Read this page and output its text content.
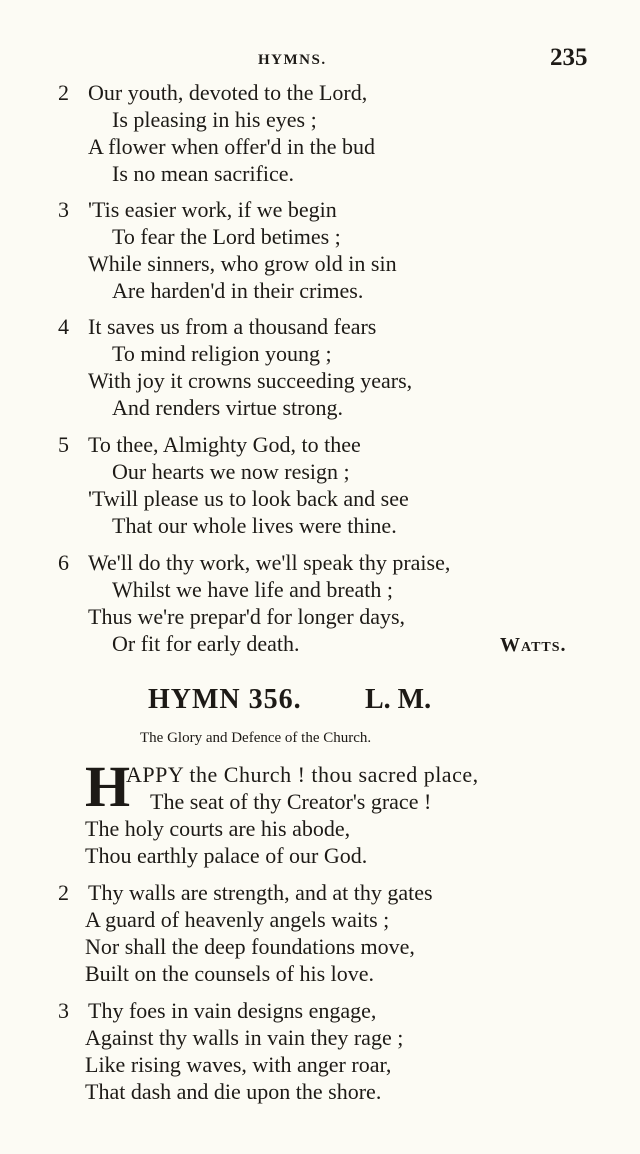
HYMNS.	235
2 Our youth, devoted to the Lord,
Is pleasing in his eyes ;
A flower when offer'd in the bud
Is no mean sacrifice.
3 'Tis easier work, if we begin
To fear the Lord betimes ;
While sinners, who grow old in sin
Are harden'd in their crimes.
4 It saves us from a thousand fears
To mind religion young ;
With joy it crowns succeeding years,
And renders virtue strong.
5 To thee, Almighty God, to thee
Our hearts we now resign ;
'Twill please us to look back and see
That our whole lives were thine.
6 We'll do thy work, we'll speak thy praise,
Whilst we have life and breath ;
Thus we're prepar'd for longer days,
Or fit for early death.	Watts.
HYMN 356. L. M.
The Glory and Defence of the Church.
H
APPY the Church ! thou sacred place,
The seat of thy Creator's grace !
The holy courts are his abode,
Thou earthly palace of our God.
2 Thy walls are strength, and at thy gates
A guard of heavenly angels waits ;
Nor shall the deep foundations move,
Built on the counsels of his love.
3 Thy foes in vain designs engage,
Against thy walls in vain they rage ;
Like rising waves, with anger roar,
That dash and die upon the shore.
